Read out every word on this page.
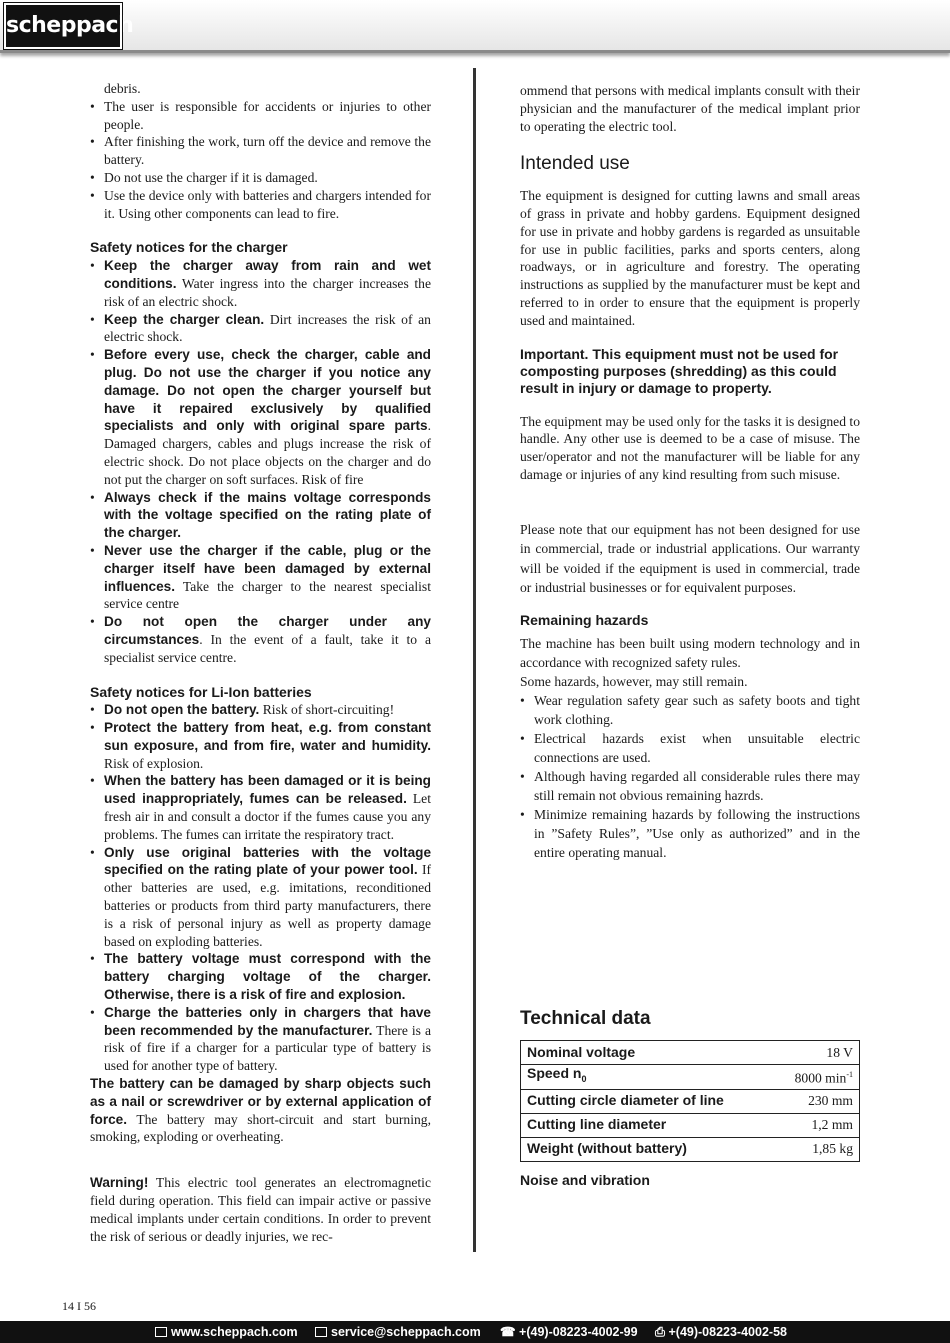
scheppach

debris.

• The user is responsible for accidents or injuries to other people.
• After finishing the work, turn off the device and remove the battery.
• Do not use the charger if it is damaged.
• Use the device only with batteries and chargers intended for it. Using other components can lead to fire.
Safety notices for the charger
• Keep the charger away from rain and wet conditions. Water ingress into the charger increases the risk of an electric shock.
• Keep the charger clean. Dirt increases the risk of an electric shock.
• Before every use, check the charger, cable and plug. Do not use the charger if you notice any damage. Do not open the charger yourself but have it repaired exclusively by qualified specialists and only with original spare parts. Damaged chargers, cables and plugs increase the risk of electric shock. Do not place objects on the charger and do not put the charger on soft surfaces. Risk of fire
• Always check if the mains voltage corresponds with the voltage specified on the rating plate of the charger.
• Never use the charger if the cable, plug or the charger itself have been damaged by external influences. Take the charger to the nearest specialist service centre
• Do not open the charger under any circumstances. In the event of a fault, take it to a specialist service centre.
Safety notices for Li-Ion batteries
• Do not open the battery. Risk of short-circuiting!
• Protect the battery from heat, e.g. from constant sun exposure, and from fire, water and humidity. Risk of explosion.
• When the battery has been damaged or it is being used inappropriately, fumes can be released. Let fresh air in and consult a doctor if the fumes cause you any problems. The fumes can irritate the respiratory tract.
• Only use original batteries with the voltage specified on the rating plate of your power tool. If other batteries are used, e.g. imitations, reconditioned batteries or products from third party manufacturers, there is a risk of personal injury as well as property damage based on exploding batteries.
• The battery voltage must correspond with the battery charging voltage of the charger. Otherwise, there is a risk of fire and explosion.
• Charge the batteries only in chargers that have been recommended by the manufacturer. There is a risk of fire if a charger for a particular type of battery is used for another type of battery.

The battery can be damaged by sharp objects such as a nail or screwdriver or by external application of force. The battery may short-circuit and start burning, smoking, exploding or overheating.

Warning! This electric tool generates an electromagnetic field during operation. This field can impair active or passive medical implants under certain conditions. In order to prevent the risk of serious or deadly injuries, we rec-

ommend that persons with medical implants consult with their physician and the manufacturer of the medical implant prior to operating the electric tool.

Intended use

The equipment is designed for cutting lawns and small areas of grass in private and hobby gardens. Equipment designed for use in private and hobby gardens is regarded as unsuitable for use in public facilities, parks and sports centers, along roadways, or in agriculture and forestry. The operating instructions as supplied by the manufacturer must be kept and referred to in order to ensure that the equipment is properly used and maintained.

Important. This equipment must not be used for composting purposes (shredding) as this could result in injury or damage to property.

The equipment may be used only for the tasks it is designed to handle. Any other use is deemed to be a case of misuse. The user/operator and not the manufacturer will be liable for any damage or injuries of any kind resulting from such misuse.

Please note that our equipment has not been designed for use in commercial, trade or industrial applications. Our warranty will be voided if the equipment is used in commercial, trade or industrial businesses or for equivalent purposes.

Remaining hazards

The machine has been built using modern technology and in accordance with recognized safety rules.

Some hazards, however, may still remain.

• Wear regulation safety gear such as safety boots and tight work clothing.
• Electrical hazards exist when unsuitable electric connections are used.
• Although having regarded all considerable rules there may still remain not obvious remaining hazrds.
• Minimize remaining hazards by following the instructions in ”Safety Rules”, ”Use only as authorized” and in the entire operating manual.
Technical data
Nominal voltage	18 V
Speed $n_0$	8000 $\min^{-1}$
Cutting circle diameter of line	230 mm
Cutting line diameter	1,2 mm
Weight (without battery)	1,85 kg
Noise and vibration
14 I 56
www.scheppach.com	service@scheppach.com ☎ +(49)-08223-4002-99 ⎙ +(49)-08223-4002-58
